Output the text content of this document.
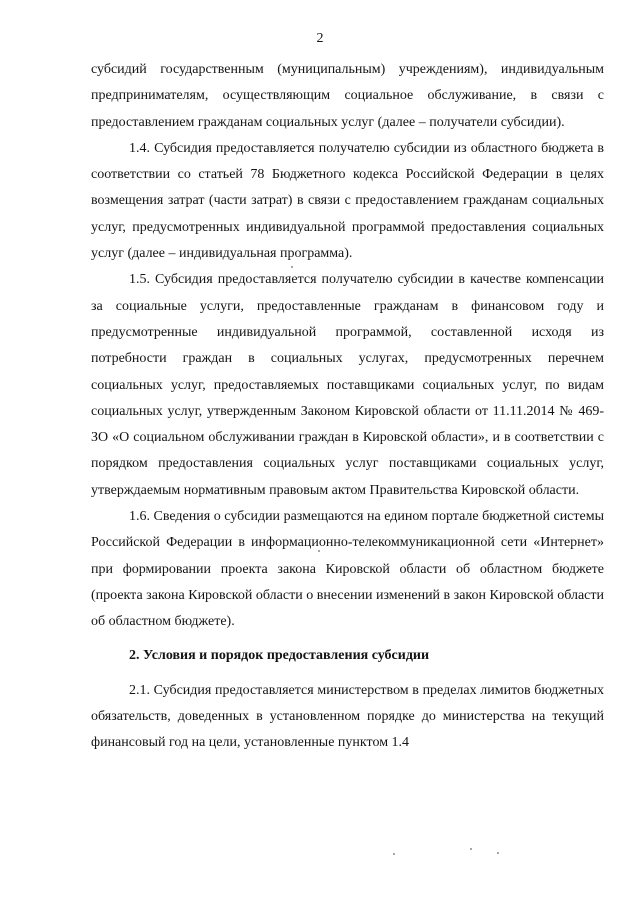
2

субсидий государственным (муниципальным) учреждениям), индивидуальным предпринимателям, осуществляющим социальное обслуживание, в связи с предоставлением гражданам социальных услуг (далее – получатели субсидии).

1.4. Субсидия предоставляется получателю субсидии из областного бюджета в соответствии со статьей 78 Бюджетного кодекса Российской Федерации в целях возмещения затрат (части затрат) в связи с предоставлением гражданам социальных услуг, предусмотренных индивидуальной программой предоставления социальных услуг (далее – индивидуальная программа).

1.5. Субсидия предоставляется получателю субсидии в качестве компенсации за социальные услуги, предоставленные гражданам в финансовом году и предусмотренные индивидуальной программой, составленной исходя из потребности граждан в социальных услугах, предусмотренных перечнем социальных услуг, предоставляемых поставщиками социальных услуг, по видам социальных услуг, утвержденным Законом Кировской области от 11.11.2014 № 469-ЗО «О социальном обслуживании граждан в Кировской области», и в соответствии с порядком предоставления социальных услуг поставщиками социальных услуг, утверждаемым нормативным правовым актом Правительства Кировской области.

1.6. Сведения о субсидии размещаются на едином портале бюджетной системы Российской Федерации в информационно-телекоммуникационной сети «Интернет» при формировании проекта закона Кировской области об областном бюджете (проекта закона Кировской области о внесении изменений в закон Кировской области об областном бюджете).

2. Условия и порядок предоставления субсидии

2.1. Субсидия предоставляется министерством в пределах лимитов бюджетных обязательств, доведенных в установленном порядке до министерства на текущий финансовый год на цели, установленные пунктом 1.4
